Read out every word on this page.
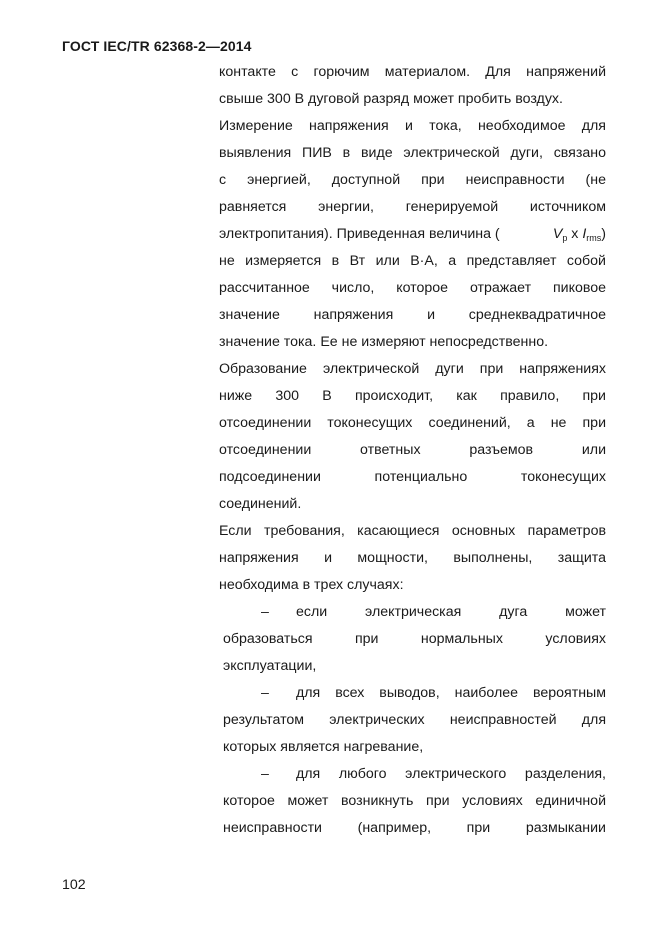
ГОСТ IEC/TR 62368-2—2014
контакте с горючим материалом. Для напряжений
свыше 300 В дуговой разряд может пробить воздух.
Измерение напряжения и тока, необходимое для
выявления ПИВ в виде электрической дуги, связано
с энергией, доступной при неисправности (не
равняется энергии, генерируемой источником
электропитания). Приведенная величина (	$V_p$ x $I_{rms}$)
не измеряется в Вт или В·А, а представляет собой
рассчитанное число, которое отражает пиковое
значение напряжения и среднеквадратичное
значение тока. Ее не измеряют непосредственно.
Образование электрической дуги при напряжениях
ниже 300 В происходит, как правило, при
отсоединении токонесущих соединений, а не при
отсоединении ответных разъемов или
подсоединении потенциально токонесущих
соединений.
Если требования, касающиеся основных параметров
напряжения и мощности, выполнены, защита
необходима в трех случаях:
– если электрическая дуга может
образоваться при нормальных условиях
эксплуатации,
– для всех выводов, наиболее вероятным
результатом электрических неисправностей для
которых является нагревание,
– для любого электрического разделения,
которое может возникнуть при условиях единичной
неисправности (например, при размыкании
102
